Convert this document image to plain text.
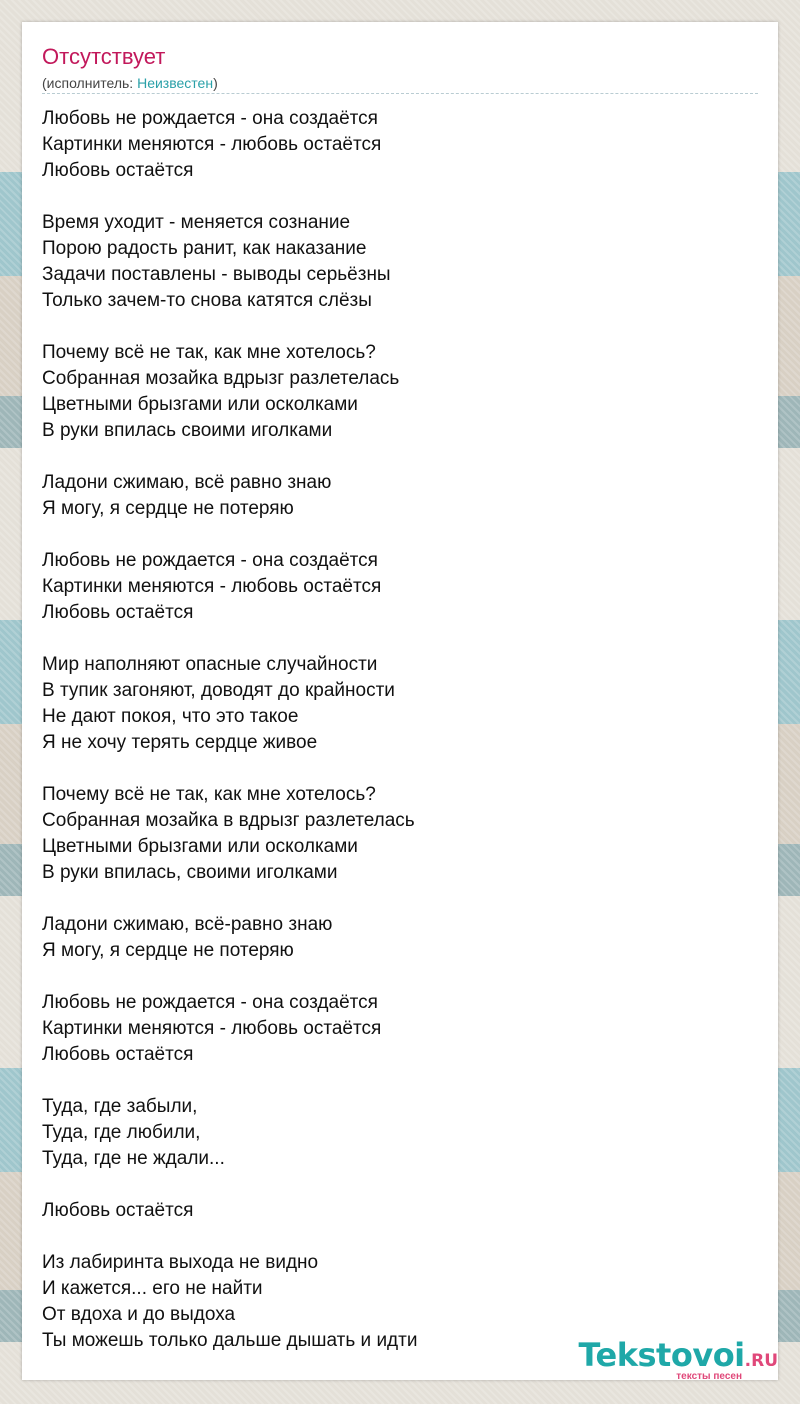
Отсутствует
(исполнитель: Неизвестен)
Любовь не рождается - она создаётся
Картинки меняются - любовь остаётся
Любовь остаётся
Время уходит - меняется сознание
Порою радость ранит, как наказание
Задачи поставлены - выводы серьёзны
Только зачем-то снова катятся слёзы
Почему всё не так, как мне хотелось?
Собранная мозайка вдрызг разлетелась
Цветными брызгами или осколками
В руки впилась своими иголками
Ладони сжимаю, всё равно знаю
Я могу, я сердце не потеряю
Любовь не рождается - она создаётся
Картинки меняются - любовь остаётся
Любовь остаётся
Мир наполняют опасные случайности
В тупик загоняют, доводят до крайности
Не дают покоя, что это такое
Я не хочу терять сердце живое
Почему всё не так, как мне хотелось?
Собранная мозайка в вдрызг разлетелась
Цветными брызгами или осколками
В руки впилась, своими иголками
Ладони сжимаю, всё-равно знаю
Я могу, я сердце не потеряю
Любовь не рождается - она создаётся
Картинки меняются - любовь остаётся
Любовь остаётся
Туда, где забыли,
Туда, где любили,
Туда, где не ждали...
Любовь остаётся
Из лабиринта выхода не видно
И кажется... его не найти
От вдоха и до выдоха
Ты можешь только дальше дышать и идти	Tekstovoi.RU
тексты песен
